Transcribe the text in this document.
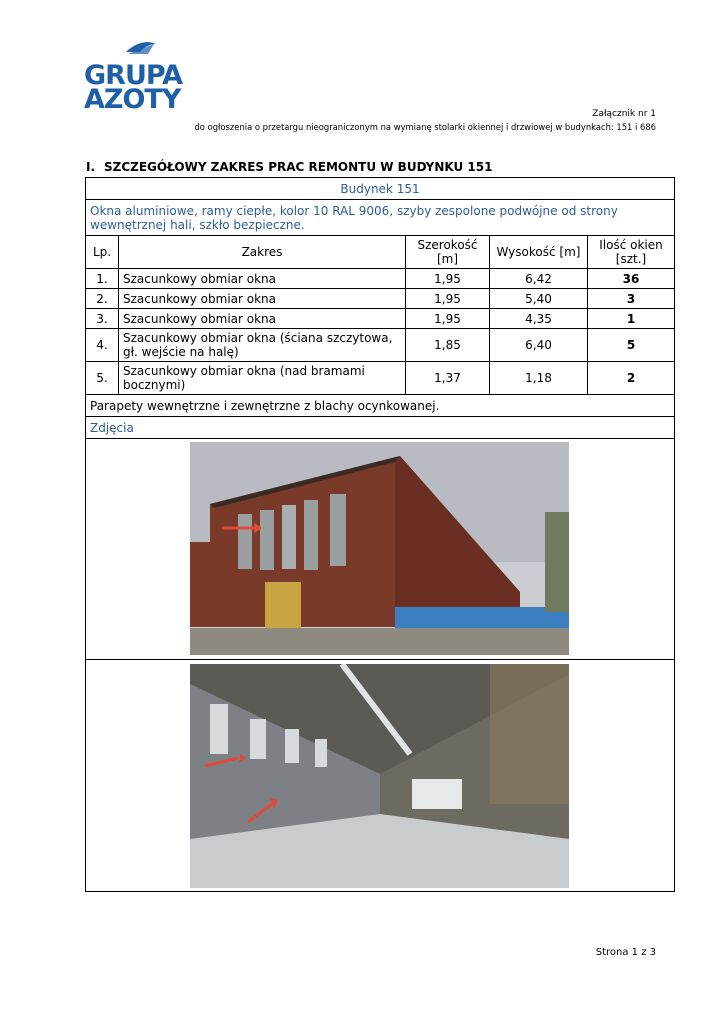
GRUPA
AZOTY	Załącznik nr 1
do ogłoszenia o przetargu nieograniczonym na wymianę stolarki okiennej i drzwiowej w budynkach: 151 i 686
I. SZCZEGÓŁOWY ZAKRES PRAC REMONTU W BUDYNKU 151
Budynek 151				
Okna aluminiowe, ramy ciepłe, kolor 10 RAL 9006, szyby zespolone podwójne od strony wewnętrznej hali, szkło bezpieczne.				
Lp.	Zakres	Szerokość [m]	Wysokość [m]	Ilość okien [szt.]
1.	Szacunkowy obmiar okna	1,95	6,42	36
2.	Szacunkowy obmiar okna	1,95	5,40	3
3.	Szacunkowy obmiar okna	1,95	4,35	1
4.	Szacunkowy obmiar okna (ściana szczytowa, gł. wejście na halę)	1,85	6,40	5
5.	Szacunkowy obmiar okna (nad bramami bocznymi)	1,37	1,18	2
Parapety wewnętrzne i zewnętrzne z blachy ocynkowanej.				
Zdjęcia				

Strona 1 z 3
